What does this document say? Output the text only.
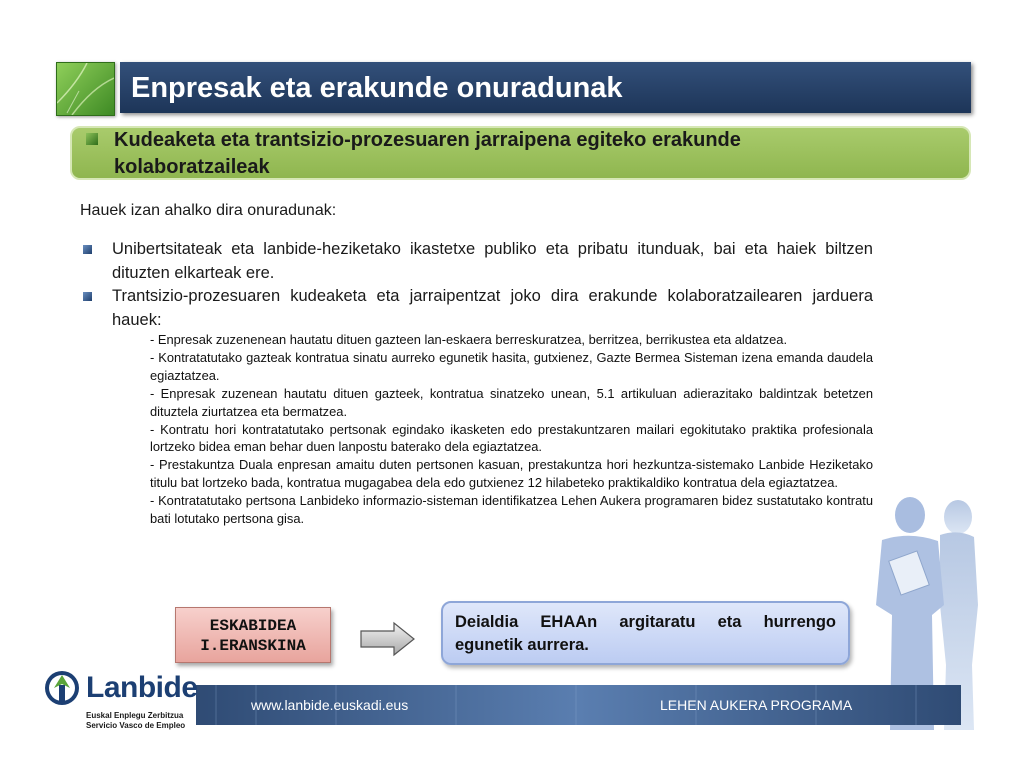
Enpresak eta erakunde onuradunak
Kudeaketa eta trantsizio-prozesuaren jarraipena egiteko erakunde kolaboratzaileak
Hauek izan ahalko dira onuradunak:
Unibertsitateak eta lanbide-heziketako ikastetxe publiko eta pribatu itunduak, bai eta haiek biltzen dituzten elkarteak ere.
Trantsizio-prozesuaren kudeaketa eta jarraipentzat joko dira erakunde kolaboratzailearen jarduera hauek:
- Enpresak zuzenenean hautatu dituen gazteen lan-eskaera berreskuratzea, berritzea, berrikustea eta aldatzea.
- Kontratatutako gazteak kontratua sinatu aurreko egunetik hasita, gutxienez, Gazte Bermea Sisteman izena emanda daudela egiaztatzea.
- Enpresak zuzenean hautatu dituen gazteek, kontratua sinatzeko unean, 5.1 artikuluan adierazitako baldintzak betetzen dituztela ziurtatzea eta bermatzea.
- Kontratu hori kontratatutako pertsonak egindako ikasketen edo prestakuntzaren mailari egokitutako praktika profesionala lortzeko bidea eman behar duen lanpostu baterako dela egiaztatzea.
- Prestakuntza Duala enpresan amaitu duten pertsonen kasuan, prestakuntza hori hezkuntza-sistemako Lanbide Heziketako titulu bat lortzeko bada, kontratua mugagabea dela edo gutxienez 12 hilabeteko praktikaldiko kontratua dela egiaztatzea.
- Kontratatutako pertsona Lanbideko informazio-sisteman identifikatzea Lehen Aukera programaren bidez sustatutako kontratu bati lotutako pertsona gisa.
ESKABIDEA
I.ERANSKINA
Deialdia EHAAn argitaratu eta hurrengo egunetik aurrera.
www.lanbide.euskadi.eus	LEHEN AUKERA PROGRAMA
Lanbide
Euskal Enplegu Zerbitzua
Servicio Vasco de Empleo
